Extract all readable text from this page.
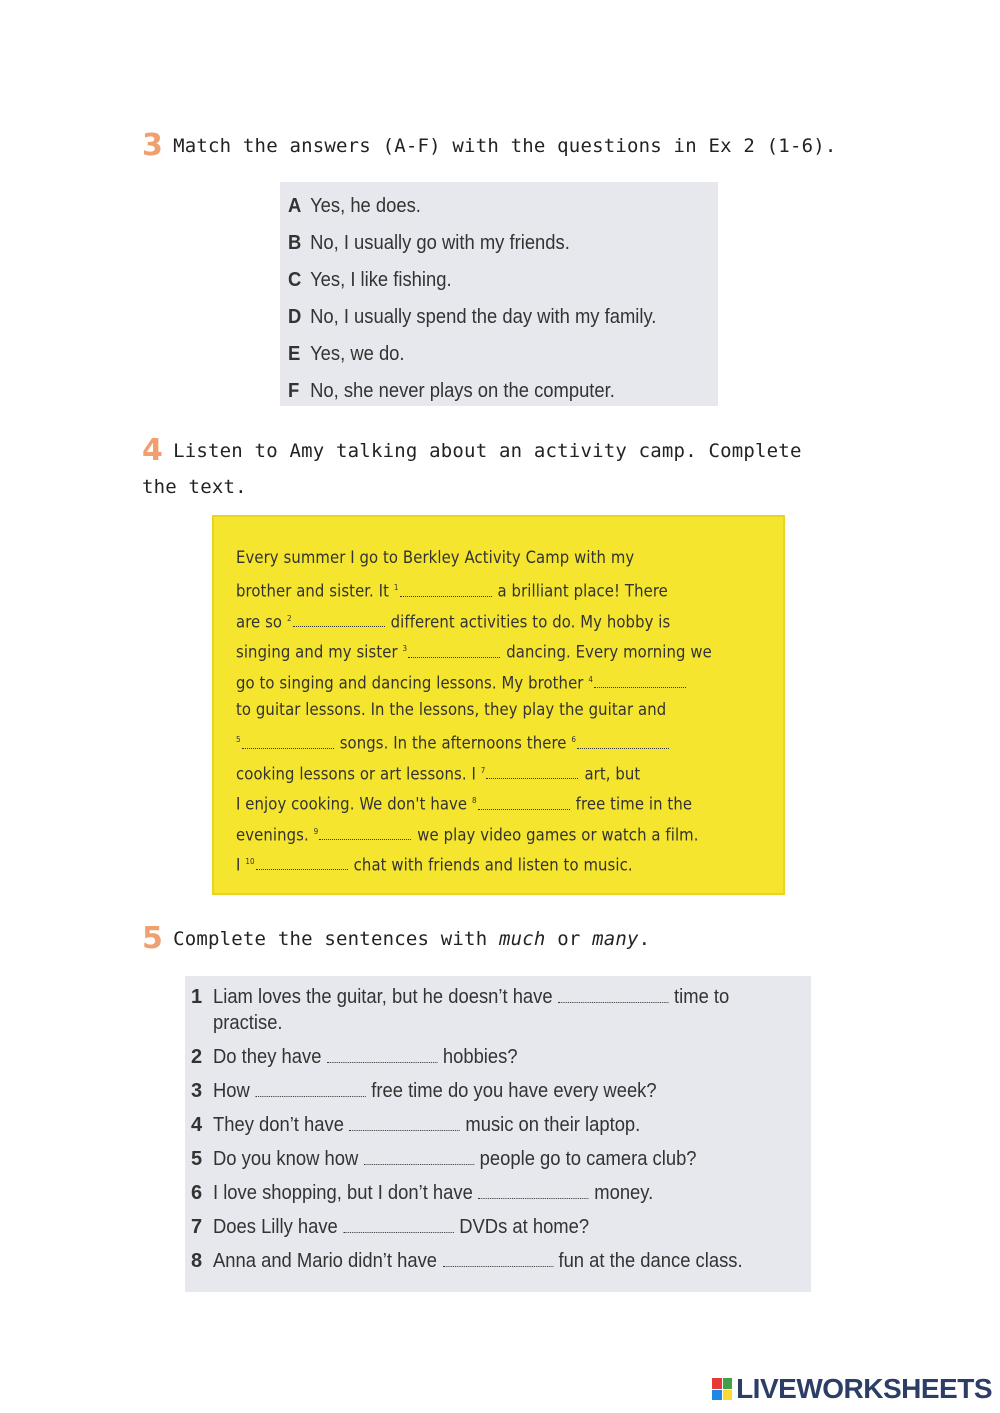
3 Match the answers (A-F) with the questions in Ex 2 (1-6).
A Yes, he does.
B No, I usually go with my friends.
C Yes, I like fishing.
D No, I usually spend the day with my family.
E Yes, we do.
F No, she never plays on the computer.
4 Listen to Amy talking about an activity camp. Complete
the text.
Every summer I go to Berkley Activity Camp with my
brother and sister. It $^1$	a brilliant place! There
are so $^2$	different activities to do. My hobby is
singing and my sister $^3$	dancing. Every morning we
go to singing and dancing lessons. My brother $^4$
to guitar lessons. In the lessons, they play the guitar and
$^5$	songs. In the afternoons there $^6$
cooking lessons or art lessons. I $^7$	art, but
I enjoy cooking. We don't have $^8$	free time in the
evenings. $^9$	we play video games or watch a film.
I $^{10}$	chat with friends and listen to music.
5 Complete the sentences with much or many.
1 Liam loves the guitar, but he doesn’t have	time to practise.
2 Do they have	hobbies?
3 How	free time do you have every week?
4 They don’t have	music on their laptop.
5 Do you know how	people go to camera club?
6 I love shopping, but I don’t have	money.
7 Does Lilly have	DVDs at home?
8 Anna and Mario didn’t have	fun at the dance class.
LIVEWORKSHEETS
